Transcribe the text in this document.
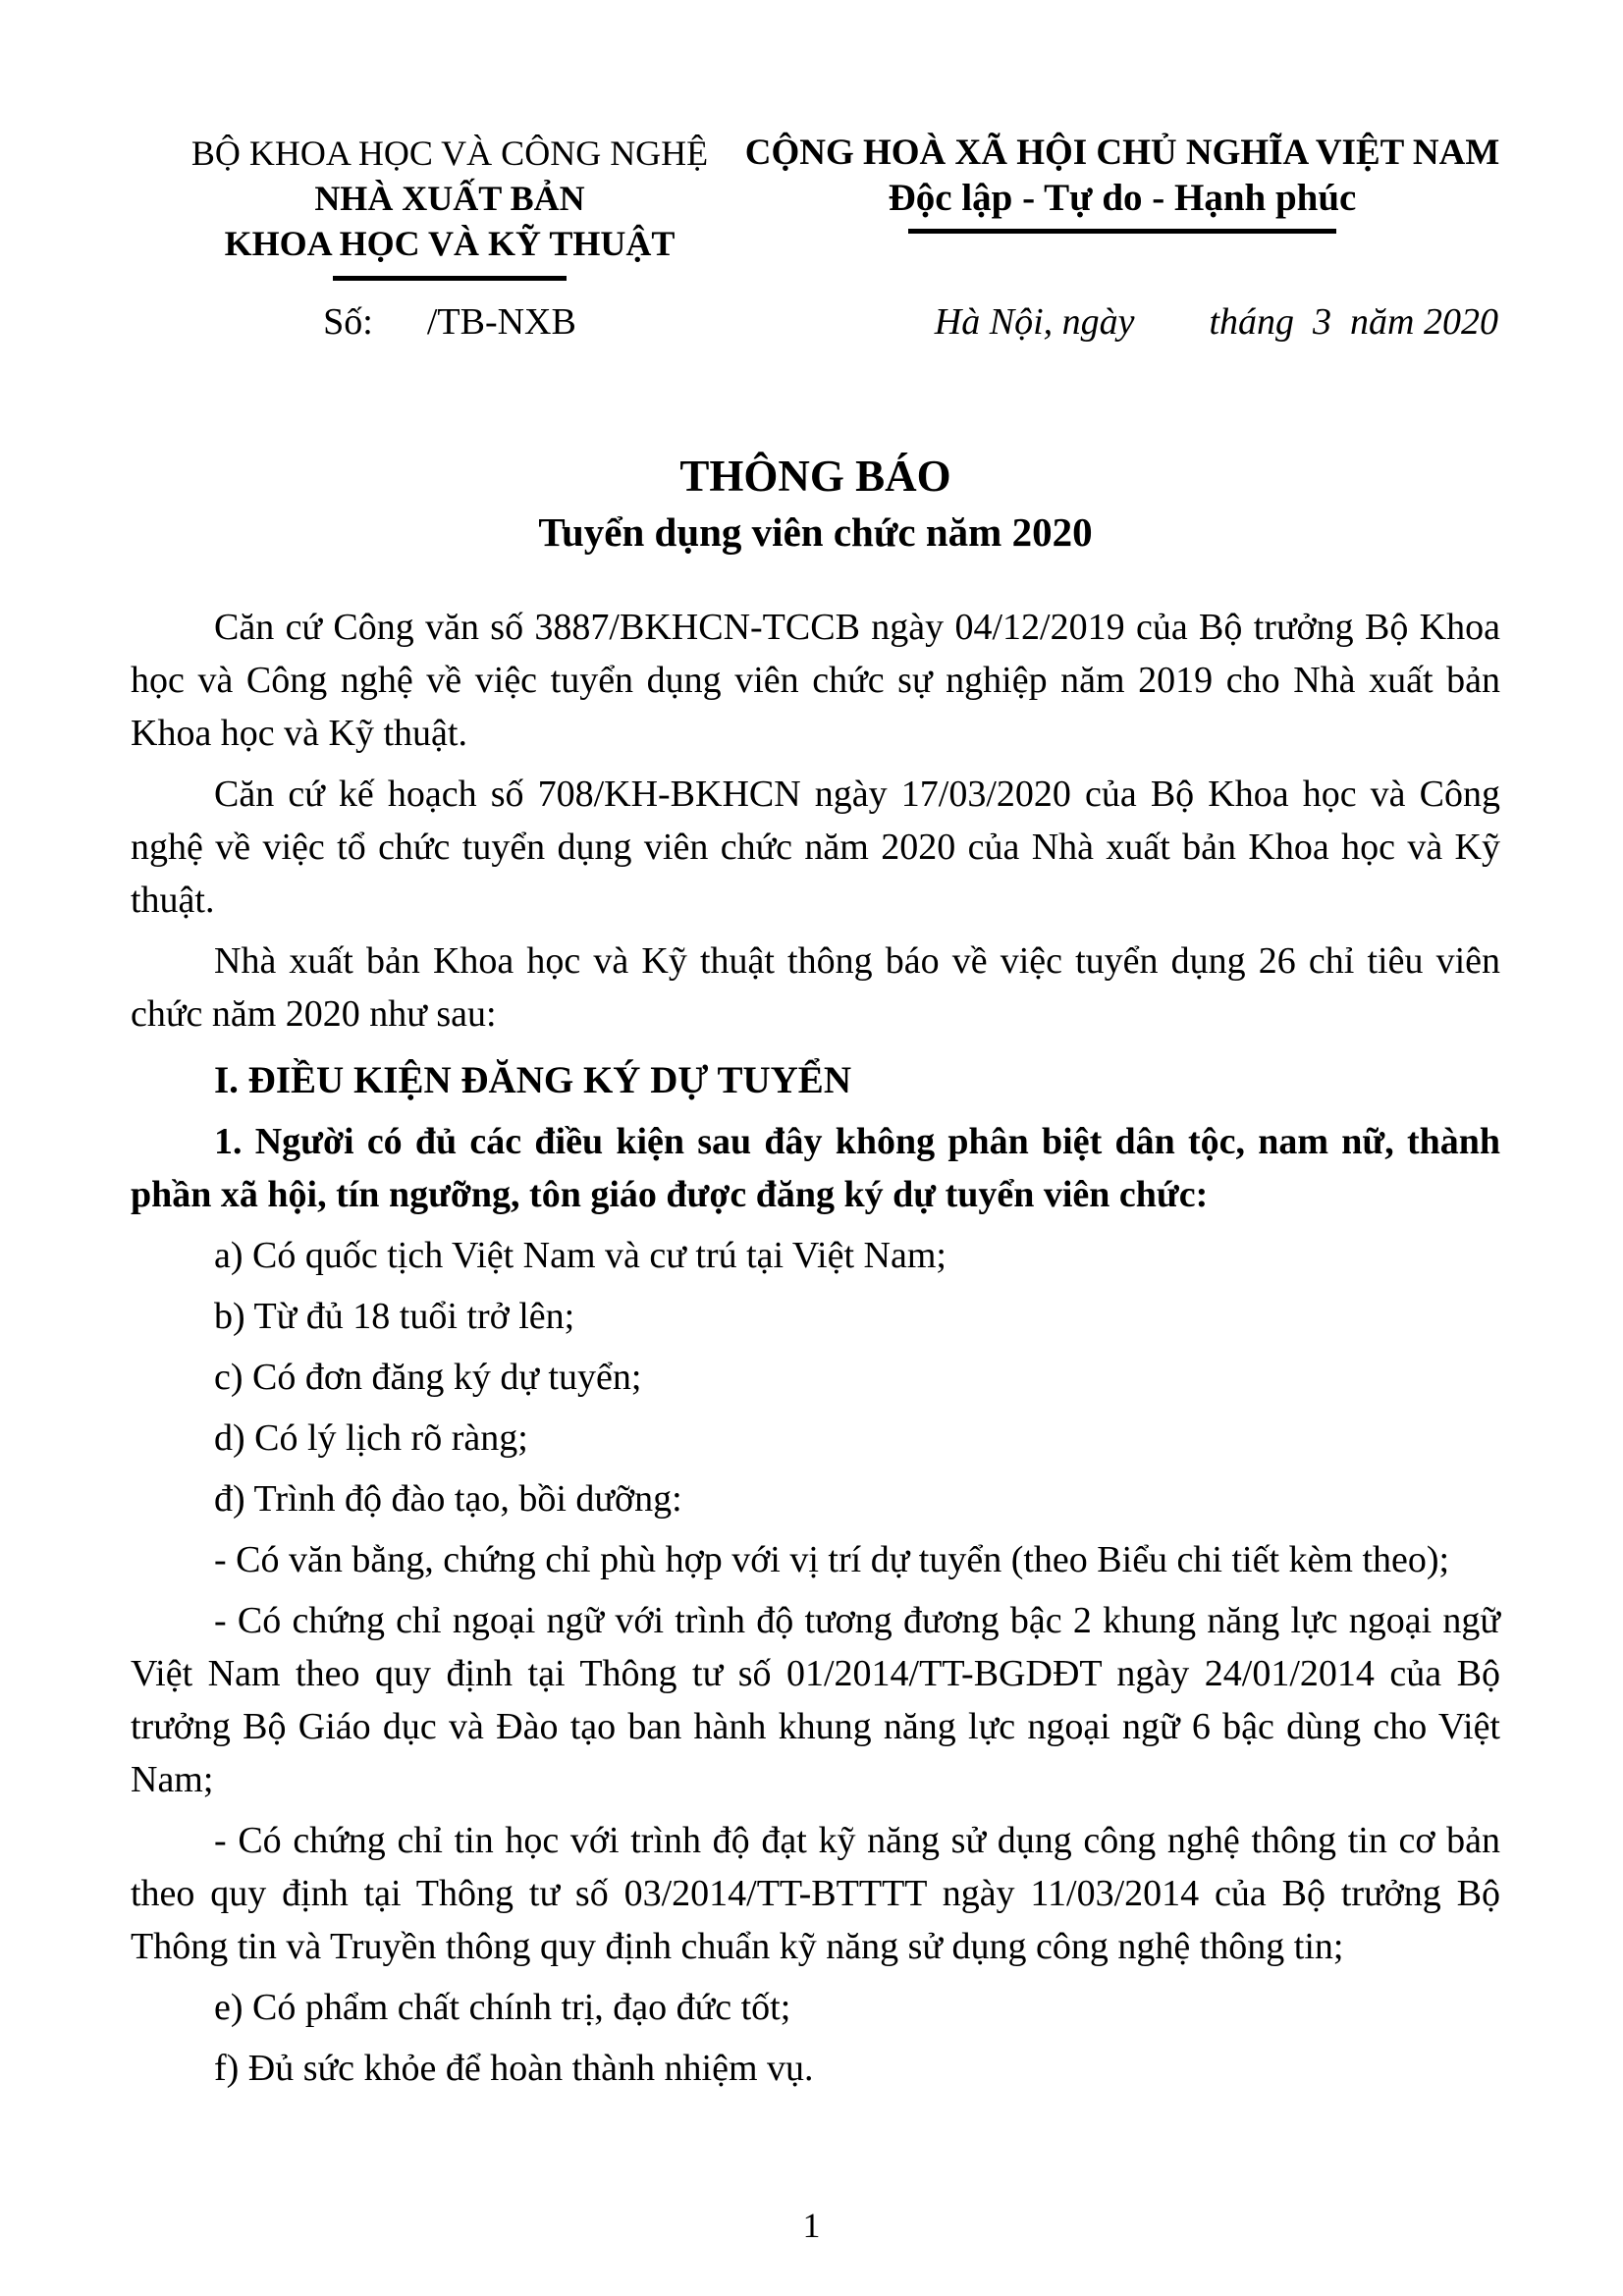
BỘ KHOA HỌC VÀ CÔNG NGHỆ
NHÀ XUẤT BẢN
KHOA HỌC VÀ KỸ THUẬT
Số: /TB-NXB
CỘNG HOÀ XÃ HỘI CHỦ NGHĨA VIỆT NAM
Độc lập - Tự do - Hạnh phúc
Hà Nội, ngày        tháng  3  năm 2020
THÔNG BÁO
Tuyển dụng viên chức năm 2020

Căn cứ Công văn số 3887/BKHCN-TCCB ngày 04/12/2019 của Bộ trưởng Bộ Khoa học và Công nghệ về việc tuyển dụng viên chức sự nghiệp năm 2019 cho Nhà xuất bản Khoa học và Kỹ thuật.

Căn cứ kế hoạch số 708/KH-BKHCN ngày 17/03/2020 của Bộ Khoa học và Công nghệ về việc tổ chức tuyển dụng viên chức năm 2020 của Nhà xuất bản Khoa học và Kỹ thuật.

Nhà xuất bản Khoa học và Kỹ thuật thông báo về việc tuyển dụng 26 chỉ tiêu viên chức năm 2020 như sau:

I. ĐIỀU KIỆN ĐĂNG KÝ DỰ TUYỂN

1. Người có đủ các điều kiện sau đây không phân biệt dân tộc, nam nữ, thành phần xã hội, tín ngưỡng, tôn giáo được đăng ký dự tuyển viên chức:

a) Có quốc tịch Việt Nam và cư trú tại Việt Nam;

b) Từ đủ 18 tuổi trở lên;

c) Có đơn đăng ký dự tuyển;

d) Có lý lịch rõ ràng;

đ) Trình độ đào tạo, bồi dưỡng:

- Có văn bằng, chứng chỉ phù hợp với vị trí dự tuyển (theo Biểu chi tiết kèm theo);

- Có chứng chỉ ngoại ngữ với trình độ tương đương bậc 2 khung năng lực ngoại ngữ Việt Nam theo quy định tại Thông tư số 01/2014/TT-BGDĐT ngày 24/01/2014 của Bộ trưởng Bộ Giáo dục và Đào tạo ban hành khung năng lực ngoại ngữ 6 bậc dùng cho Việt Nam;

- Có chứng chỉ tin học với trình độ đạt kỹ năng sử dụng công nghệ thông tin cơ bản theo quy định tại Thông tư số 03/2014/TT-BTTTT ngày 11/03/2014 của Bộ trưởng Bộ Thông tin và Truyền thông quy định chuẩn kỹ năng sử dụng công nghệ thông tin;

e) Có phẩm chất chính trị, đạo đức tốt;

f) Đủ sức khỏe để hoàn thành nhiệm vụ.

1
